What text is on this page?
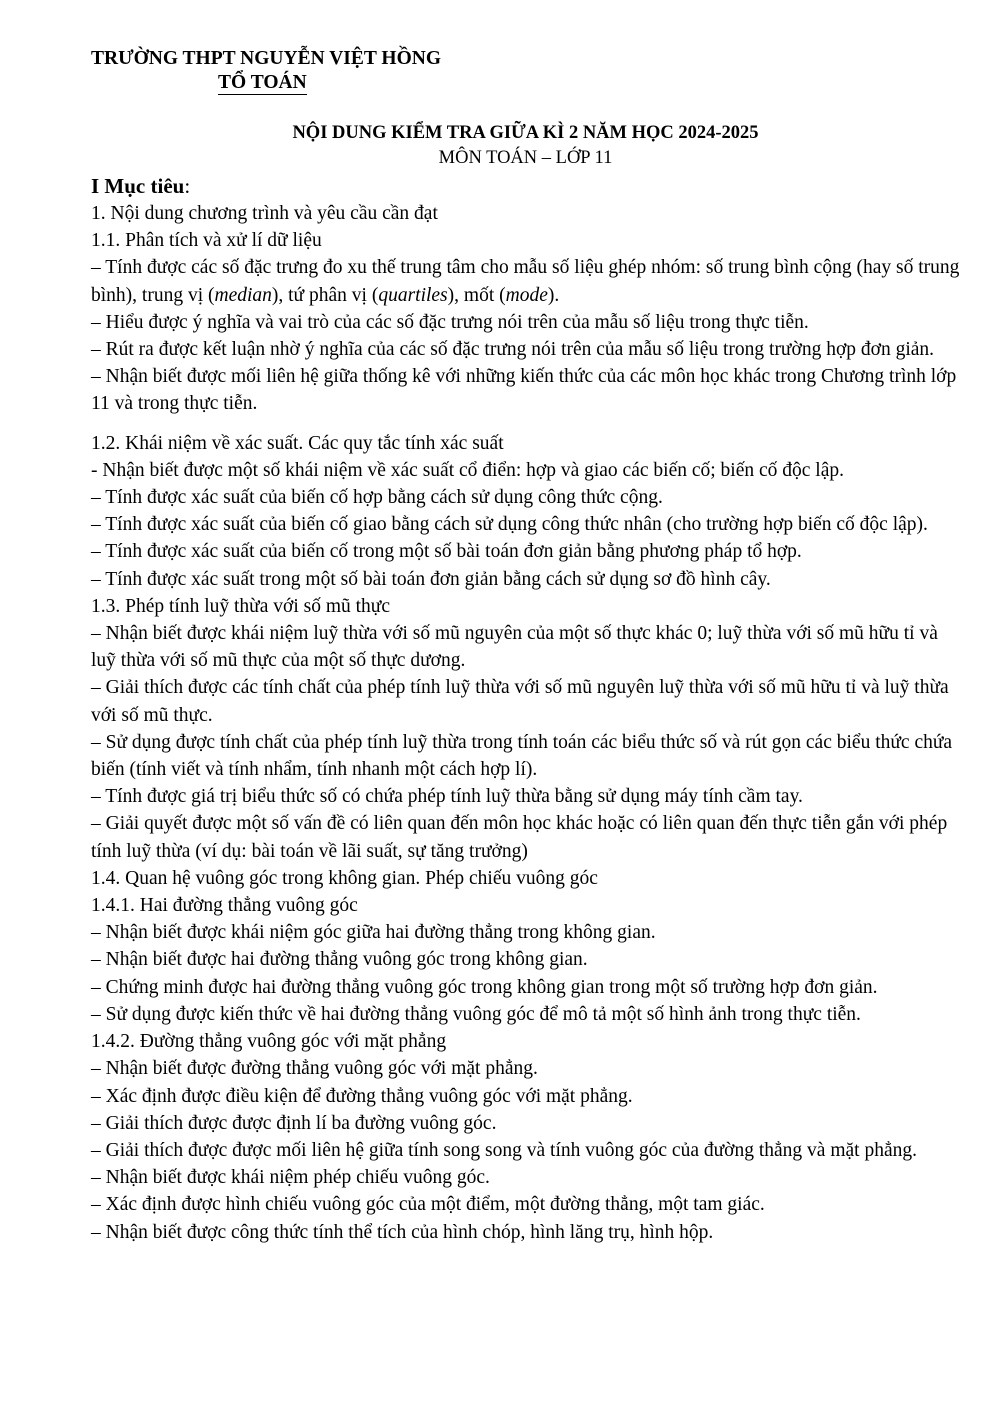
TRƯỜNG THPT NGUYỄN VIỆT HỒNG
TỔ TOÁN
NỘI DUNG KIỂM TRA GIỮA KÌ 2 NĂM HỌC 2024-2025
MÔN TOÁN – LỚP 11
I Mục tiêu:

1. Nội dung chương trình và yêu cầu cần đạt

1.1. Phân tích và xử lí dữ liệu

– Tính được các số đặc trưng đo xu thế trung tâm cho mẫu số liệu ghép nhóm: số trung bình cộng (hay số trung bình), trung vị (median), tứ phân vị (quartiles), mốt (mode).

– Hiểu được ý nghĩa và vai trò của các số đặc trưng nói trên của mẫu số liệu trong thực tiễn.

– Rút ra được kết luận nhờ ý nghĩa của các số đặc trưng nói trên của mẫu số liệu trong trường hợp đơn giản.

– Nhận biết được mối liên hệ giữa thống kê với những kiến thức của các môn học khác trong Chương trình lớp 11 và trong thực tiễn.

1.2. Khái niệm về xác suất. Các quy tắc tính xác suất

- Nhận biết được một số khái niệm về xác suất cổ điển: hợp và giao các biến cố; biến cố độc lập.

– Tính được xác suất của biến cố hợp bằng cách sử dụng công thức cộng.

– Tính được xác suất của biến cố giao bằng cách sử dụng công thức nhân (cho trường hợp biến cố độc lập).

– Tính được xác suất của biến cố trong một số bài toán đơn giản bằng phương pháp tổ hợp.

– Tính được xác suất trong một số bài toán đơn giản bằng cách sử dụng sơ đồ hình cây.

1.3. Phép tính luỹ thừa với số mũ thực

– Nhận biết được khái niệm luỹ thừa với số mũ nguyên của một số thực khác 0; luỹ thừa với số mũ hữu tỉ và luỹ thừa với số mũ thực của một số thực dương.

– Giải thích được các tính chất của phép tính luỹ thừa với số mũ nguyên luỹ thừa với số mũ hữu tỉ và luỹ thừa với số mũ thực.

– Sử dụng được tính chất của phép tính luỹ thừa trong tính toán các biểu thức số và rút gọn các biểu thức chứa biến (tính viết và tính nhẩm, tính nhanh một cách hợp lí).

– Tính được giá trị biểu thức số có chứa phép tính luỹ thừa bằng sử dụng máy tính cầm tay.

– Giải quyết được một số vấn đề có liên quan đến môn học khác hoặc có liên quan đến thực tiễn gắn với phép tính luỹ thừa (ví dụ: bài toán về lãi suất, sự tăng trưởng)

1.4. Quan hệ vuông góc trong không gian. Phép chiếu vuông góc

1.4.1. Hai đường thẳng vuông góc

– Nhận biết được khái niệm góc giữa hai đường thẳng trong không gian.

– Nhận biết được hai đường thẳng vuông góc trong không gian.

– Chứng minh được hai đường thẳng vuông góc trong không gian trong một số trường hợp đơn giản.

– Sử dụng được kiến thức về hai đường thẳng vuông góc để mô tả một số hình ảnh trong thực tiễn.

1.4.2. Đường thẳng vuông góc với mặt phẳng

– Nhận biết được đường thẳng vuông góc với mặt phẳng.

– Xác định được điều kiện để đường thẳng vuông góc với mặt phẳng.

– Giải thích được được định lí ba đường vuông góc.

– Giải thích được được mối liên hệ giữa tính song song và tính vuông góc của đường thẳng và mặt phẳng.

– Nhận biết được khái niệm phép chiếu vuông góc.

– Xác định được hình chiếu vuông góc của một điểm, một đường thẳng, một tam giác.

– Nhận biết được công thức tính thể tích của hình chóp, hình lăng trụ, hình hộp.
